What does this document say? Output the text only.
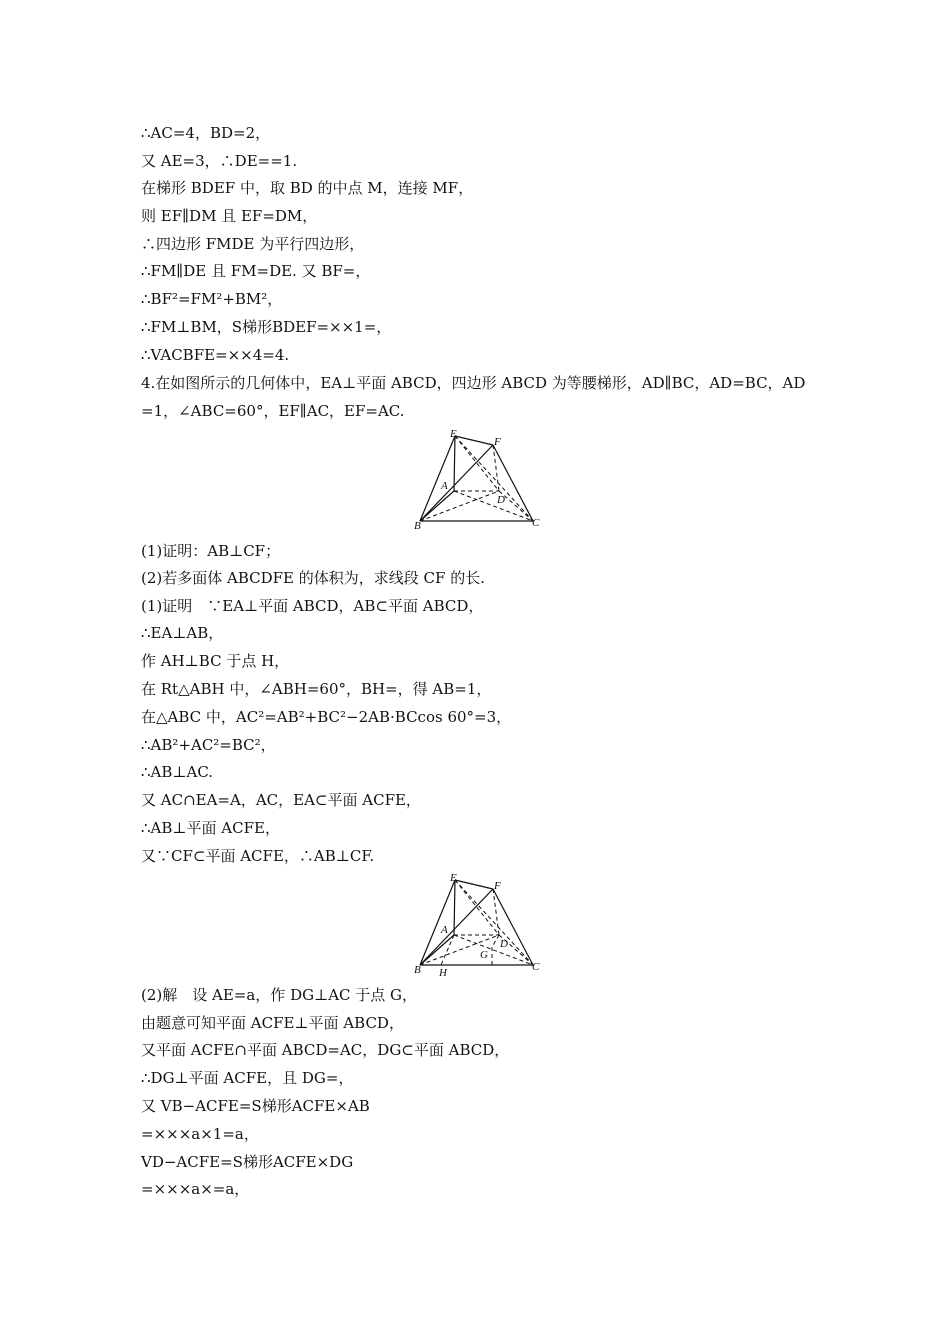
∴AC=4，BD=2，
又 AE=3，∴DE==1.
在梯形 BDEF 中，取 BD 的中点 M，连接 MF，
则 EF∥DM 且 EF=DM，
∴四边形 FMDE 为平行四边形，
∴FM∥DE 且 FM=DE. 又 BF=，
∴BF²=FM²+BM²，
∴FM⊥BM，S梯形BDEF=××1=，
∴VACBFE=××4=4.
4.在如图所示的几何体中，EA⊥平面 ABCD，四边形 ABCD 为等腰梯形，AD∥BC，AD=BC，AD
=1，∠ABC=60°，EF∥AC，EF=AC.
E
F
A
D
B	C
(1)证明：AB⊥CF；
(2)若多面体 ABCDFE 的体积为，求线段 CF 的长.
(1)证明　∵EA⊥平面 ABCD，AB⊂平面 ABCD，
∴EA⊥AB，
作 AH⊥BC 于点 H，
在 Rt△ABH 中，∠ABH=60°，BH=，得 AB=1，
在△ABC 中，AC²=AB²+BC²−2AB·BCcos 60°=3，
∴AB²+AC²=BC²，
∴AB⊥AC.
又 AC∩EA=A，AC，EA⊂平面 ACFE，
∴AB⊥平面 ACFE，
又∵CF⊂平面 ACFE，∴AB⊥CF.
E
F
A
D
G
B H	C
(2)解　设 AE=a，作 DG⊥AC 于点 G，
由题意可知平面 ACFE⊥平面 ABCD，
又平面 ACFE∩平面 ABCD=AC，DG⊂平面 ABCD，
∴DG⊥平面 ACFE，且 DG=，
又 VB−ACFE=S梯形ACFE×AB
=×××a×1=a，
VD−ACFE=S梯形ACFE×DG
=×××a×=a，
